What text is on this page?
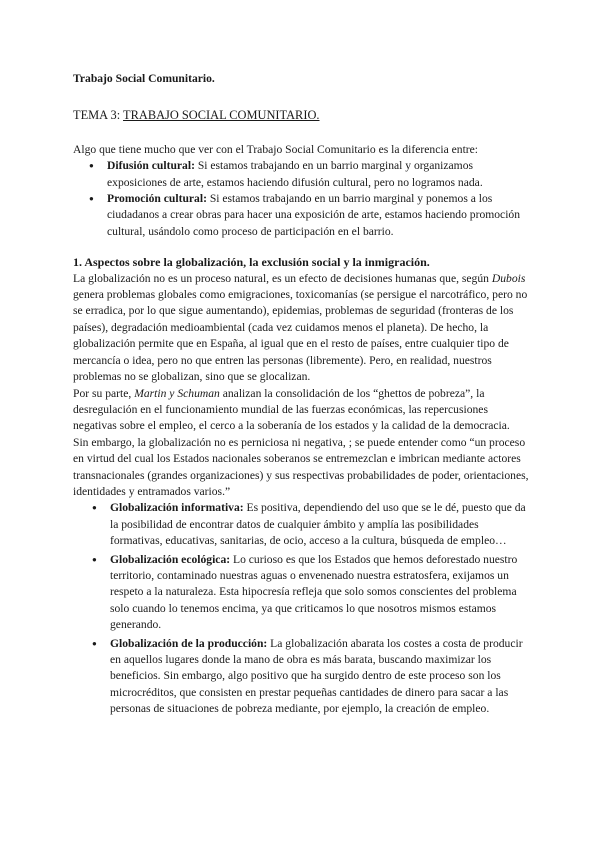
Trabajo Social Comunitario.

TEMA 3: TRABAJO SOCIAL COMUNITARIO.

Algo que tiene mucho que ver con el Trabajo Social Comunitario es la diferencia entre:

● Difusión cultural: Si estamos trabajando en un barrio marginal y organizamos exposiciones de arte, estamos haciendo difusión cultural, pero no logramos nada.
● Promoción cultural: Si estamos trabajando en un barrio marginal y ponemos a los ciudadanos a crear obras para hacer una exposición de arte, estamos haciendo promoción cultural, usándolo como proceso de participación en el barrio.

1. Aspectos sobre la globalización, la exclusión social y la inmigración.

La globalización no es un proceso natural, es un efecto de decisiones humanas que, según Dubois genera problemas globales como emigraciones, toxicomanías (se persigue el narcotráfico, pero no se erradica, por lo que sigue aumentando), epidemias, problemas de seguridad (fronteras de los países), degradación medioambiental (cada vez cuidamos menos el planeta). De hecho, la globalización permite que en España, al igual que en el resto de países, entre cualquier tipo de mercancía o idea, pero no que entren las personas (libremente). Pero, en realidad, nuestros problemas no se globalizan, sino que se glocalizan.

Por su parte, Martin y Schuman analizan la consolidación de los “ghettos de pobreza”, la desregulación en el funcionamiento mundial de las fuerzas económicas, las repercusiones negativas sobre el empleo, el cerco a la soberanía de los estados y la calidad de la democracia.

Sin embargo, la globalización no es perniciosa ni negativa, ; se puede entender como “un proceso en virtud del cual los Estados nacionales soberanos se entremezclan e imbrican mediante actores transnacionales (grandes organizaciones) y sus respectivas probabilidades de poder, orientaciones, identidades y entramados varios.”

● Globalización informativa: Es positiva, dependiendo del uso que se le dé, puesto que da la posibilidad de encontrar datos de cualquier ámbito y amplía las posibilidades formativas, educativas, sanitarias, de ocio, acceso a la cultura, búsqueda de empleo…
● Globalización ecológica: Lo curioso es que los Estados que hemos deforestado nuestro territorio, contaminado nuestras aguas o envenenado nuestra estratosfera, exijamos un respeto a la naturaleza. Esta hipocresía refleja que solo somos conscientes del problema solo cuando lo tenemos encima, ya que criticamos lo que nosotros mismos estamos generando.
● Globalización de la producción: La globalización abarata los costes a costa de producir en aquellos lugares donde la mano de obra es más barata, buscando maximizar los beneficios. Sin embargo, algo positivo que ha surgido dentro de este proceso son los microcréditos, que consisten en prestar pequeñas cantidades de dinero para sacar a las personas de situaciones de pobreza mediante, por ejemplo, la creación de empleo.
